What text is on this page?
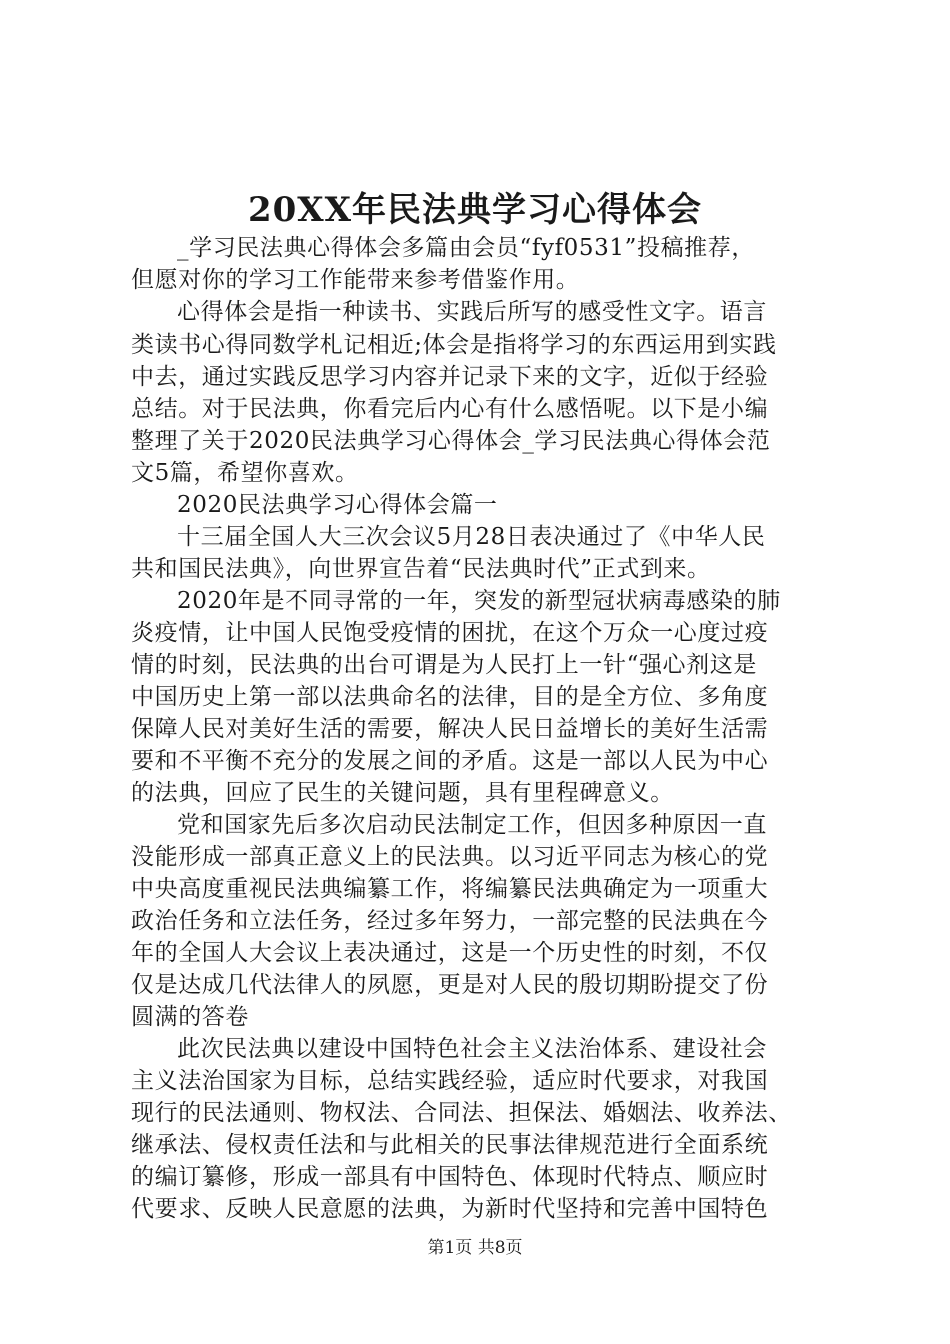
20XX年民法典学习心得体会
_学习民法典心得体会多篇由会员“fyf0531”投稿推荐，
但愿对你的学习工作能带来参考借鉴作用。
心得体会是指一种读书、实践后所写的感受性文字。语言
类读书心得同数学札记相近;体会是指将学习的东西运用到实践
中去，通过实践反思学习内容并记录下来的文字，近似于经验
总结。对于民法典，你看完后内心有什么感悟呢。以下是小编
整理了关于2020民法典学习心得体会_学习民法典心得体会范
文5篇，希望你喜欢。
2020民法典学习心得体会篇一
十三届全国人大三次会议5月28日表决通过了《中华人民
共和国民法典》，向世界宣告着“民法典时代”正式到来。
2020年是不同寻常的一年，突发的新型冠状病毒感染的肺
炎疫情，让中国人民饱受疫情的困扰，在这个万众一心度过疫
情的时刻，民法典的出台可谓是为人民打上一针“强心剂这是
中国历史上第一部以法典命名的法律，目的是全方位、多角度
保障人民对美好生活的需要，解决人民日益增长的美好生活需
要和不平衡不充分的发展之间的矛盾。这是一部以人民为中心
的法典，回应了民生的关键问题，具有里程碑意义。
党和国家先后多次启动民法制定工作，但因多种原因一直
没能形成一部真正意义上的民法典。以习近平同志为核心的党
中央高度重视民法典编纂工作，将编纂民法典确定为一项重大
政治任务和立法任务，经过多年努力，一部完整的民法典在今
年的全国人大会议上表决通过，这是一个历史性的时刻，不仅
仅是达成几代法律人的夙愿，更是对人民的殷切期盼提交了份
圆满的答卷
此次民法典以建设中国特色社会主义法治体系、建设社会
主义法治国家为目标，总结实践经验，适应时代要求，对我国
现行的民法通则、物权法、合同法、担保法、婚姻法、收养法、
继承法、侵权责任法和与此相关的民事法律规范进行全面系统
的编订纂修，形成一部具有中国特色、体现时代特点、顺应时
代要求、反映人民意愿的法典，为新时代坚持和完善中国特色
第1页 共8页
